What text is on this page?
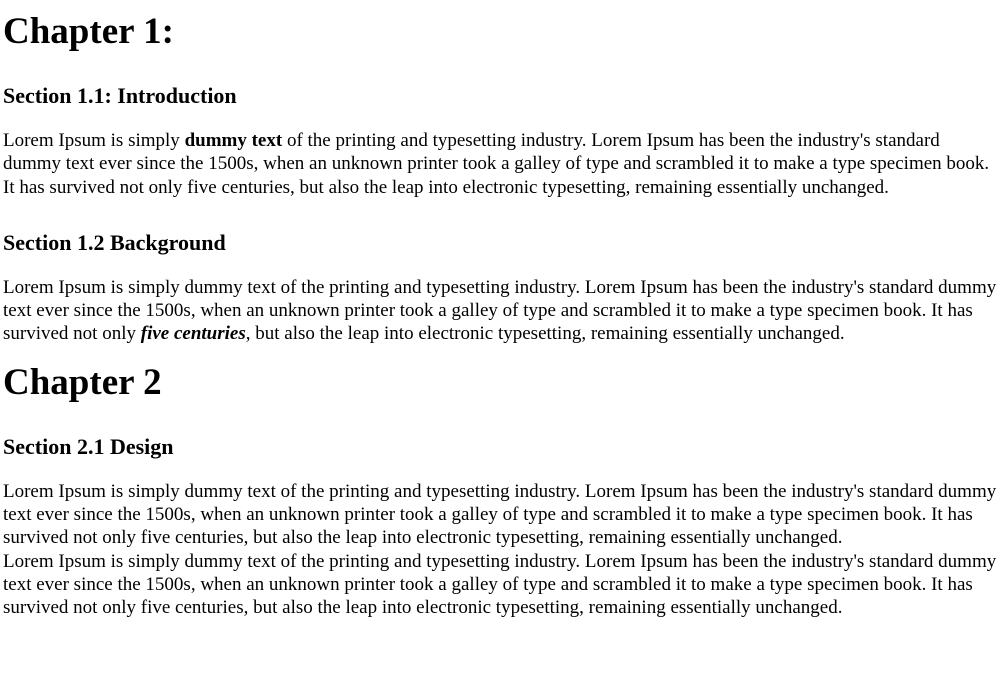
Chapter 1:
Section 1.1: Introduction

Lorem Ipsum is simply dummy text of the printing and typesetting industry. Lorem Ipsum has been the industry's standard dummy text ever since the 1500s, when an unknown printer took a galley of type and scrambled it to make a type specimen book. It has survived not only five centuries, but also the leap into electronic typesetting, remaining essentially unchanged.

Section 1.2 Background

Lorem Ipsum is simply dummy text of the printing and typesetting industry. Lorem Ipsum has been the industry's standard dummy text ever since the 1500s, when an unknown printer took a galley of type and scrambled it to make a type specimen book. It has survived not only five centuries, but also the leap into electronic typesetting, remaining essentially unchanged.

Chapter 2
Section 2.1 Design

Lorem Ipsum is simply dummy text of the printing and typesetting industry. Lorem Ipsum has been the industry's standard dummy text ever since the 1500s, when an unknown printer took a galley of type and scrambled it to make a type specimen book. It has survived not only five centuries, but also the leap into electronic typesetting, remaining essentially unchanged.

Lorem Ipsum is simply dummy text of the printing and typesetting industry. Lorem Ipsum has been the industry's standard dummy text ever since the 1500s, when an unknown printer took a galley of type and scrambled it to make a type specimen book. It has survived not only five centuries, but also the leap into electronic typesetting, remaining essentially unchanged.
